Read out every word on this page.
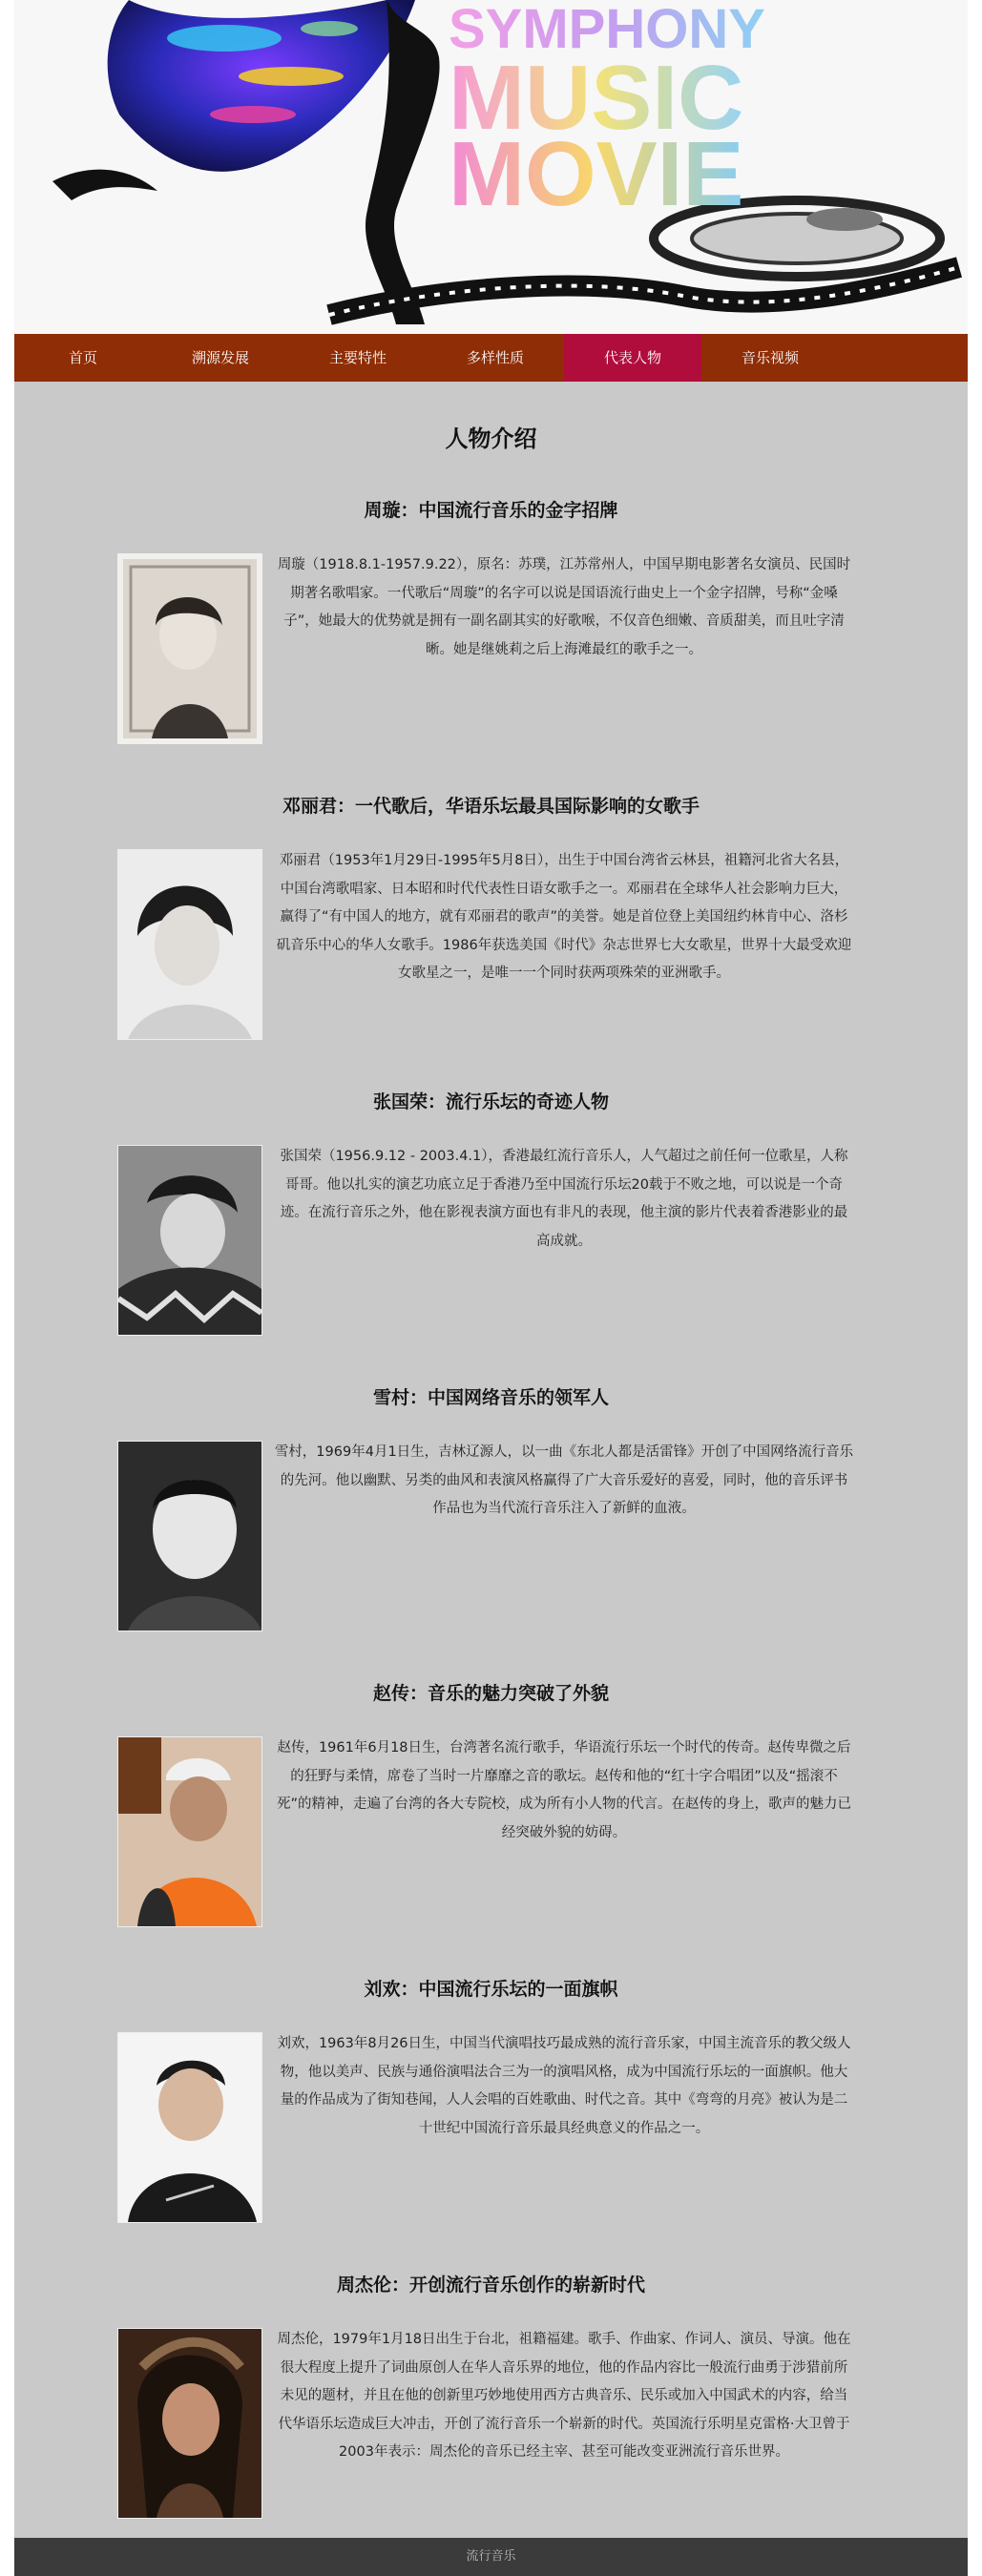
SYMPHONY
MUSIC
MOVIE
首页	溯源发展	主要特性	多样性质	代表人物	音乐视频
人物介绍
周璇：中国流行音乐的金字招牌

周璇（1918.8.1-1957.9.22），原名：苏璞，江苏常州人，中国早期电影著名女演员、民国时期著名歌唱家。一代歌后“周璇”的名字可以说是国语流行曲史上一个金字招牌，号称“金嗓子”，她最大的优势就是拥有一副名副其实的好歌喉，不仅音色细嫩、音质甜美，而且吐字清晰。她是继姚莉之后上海滩最红的歌手之一。

邓丽君：一代歌后，华语乐坛最具国际影响的女歌手

邓丽君（1953年1月29日-1995年5月8日），出生于中国台湾省云林县，祖籍河北省大名县，中国台湾歌唱家、日本昭和时代代表性日语女歌手之一。邓丽君在全球华人社会影响力巨大，赢得了“有中国人的地方，就有邓丽君的歌声”的美誉。她是首位登上美国纽约林肯中心、洛杉矶音乐中心的华人女歌手。1986年获选美国《时代》杂志世界七大女歌星，世界十大最受欢迎女歌星之一，是唯一一个同时获两项殊荣的亚洲歌手。

张国荣：流行乐坛的奇迹人物

张国荣（1956.9.12 - 2003.4.1），香港最红流行音乐人，人气超过之前任何一位歌星，人称哥哥。他以扎实的演艺功底立足于香港乃至中国流行乐坛20载于不败之地，可以说是一个奇迹。在流行音乐之外，他在影视表演方面也有非凡的表现，他主演的影片代表着香港影业的最高成就。

雪村：中国网络音乐的领军人

雪村，1969年4月1日生，吉林辽源人，以一曲《东北人都是活雷锋》开创了中国网络流行音乐的先河。他以幽默、另类的曲风和表演风格赢得了广大音乐爱好的喜爱，同时，他的音乐评书作品也为当代流行音乐注入了新鲜的血液。

赵传：音乐的魅力突破了外貌

赵传，1961年6月18日生，台湾著名流行歌手，华语流行乐坛一个时代的传奇。赵传卑微之后的狂野与柔情，席卷了当时一片靡靡之音的歌坛。赵传和他的“红十字合唱团”以及“摇滚不死”的精神，走遍了台湾的各大专院校，成为所有小人物的代言。在赵传的身上，歌声的魅力已经突破外貌的妨碍。

刘欢：中国流行乐坛的一面旗帜

刘欢，1963年8月26日生，中国当代演唱技巧最成熟的流行音乐家，中国主流音乐的教父级人物，他以美声、民族与通俗演唱法合三为一的演唱风格，成为中国流行乐坛的一面旗帜。他大量的作品成为了街知巷闻，人人会唱的百姓歌曲、时代之音。其中《弯弯的月亮》被认为是二十世纪中国流行音乐最具经典意义的作品之一。

周杰伦：开创流行音乐创作的崭新时代

周杰伦，1979年1月18日出生于台北，祖籍福建。歌手、作曲家、作词人、演员、导演。他在很大程度上提升了词曲原创人在华人音乐界的地位，他的作品内容比一般流行曲勇于涉猎前所未见的题材，并且在他的创新里巧妙地使用西方古典音乐、民乐或加入中国武术的内容，给当代华语乐坛造成巨大冲击，开创了流行音乐一个崭新的时代。英国流行乐明星克雷格·大卫曾于2003年表示：周杰伦的音乐已经主宰、甚至可能改变亚洲流行音乐世界。

流行音乐
